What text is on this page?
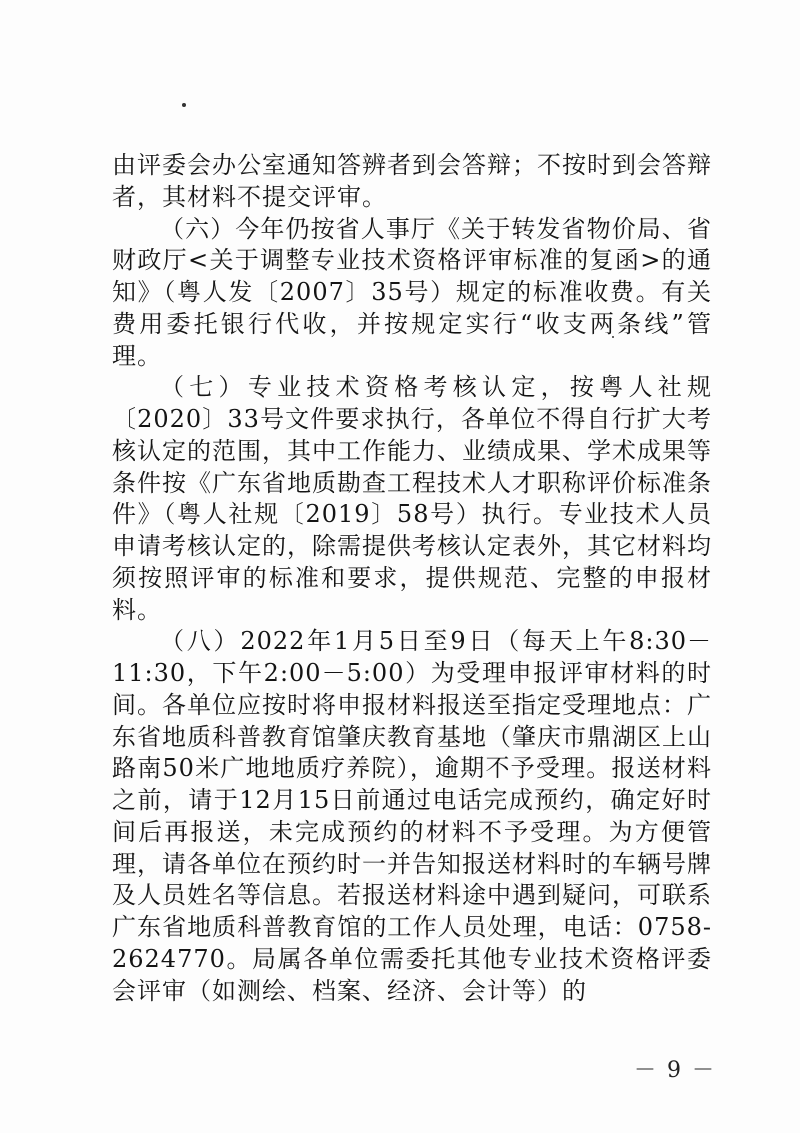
由评委会办公室通知答辨者到会答辩；不按时到会答辩者，其材料不提交评审。

（六）今年仍按省人事厅《关于转发省物价局、省财政厅<关于调整专业技术资格评审标准的复函>的通知》（粤人发〔2007〕35号）规定的标准收费。有关费用委托银行代收，并按规定实行“收支两条线”管理。

（七）专业技术资格考核认定，按粤人社规〔2020〕33号文件要求执行，各单位不得自行扩大考核认定的范围，其中工作能力、业绩成果、学术成果等条件按《广东省地质勘查工程技术人才职称评价标准条件》（粤人社规〔2019〕58号）执行。专业技术人员申请考核认定的，除需提供考核认定表外，其它材料均须按照评审的标准和要求，提供规范、完整的申报材料。

（八）2022年1月5日至9日（每天上午8:30－11:30，下午2:00－5:00）为受理申报评审材料的时间。各单位应按时将申报材料报送至指定受理地点：广东省地质科普教育馆肇庆教育基地（肇庆市鼎湖区上山路南50米广地地质疗养院），逾期不予受理。报送材料之前，请于12月15日前通过电话完成预约，确定好时间后再报送，未完成预约的材料不予受理。为方便管理，请各单位在预约时一并告知报送材料时的车辆号牌及人员姓名等信息。若报送材料途中遇到疑问，可联系广东省地质科普教育馆的工作人员处理，电话：0758-2624770。局属各单位需委托其他专业技术资格评委会评审（如测绘、档案、经济、会计等）的

－ 9 －
